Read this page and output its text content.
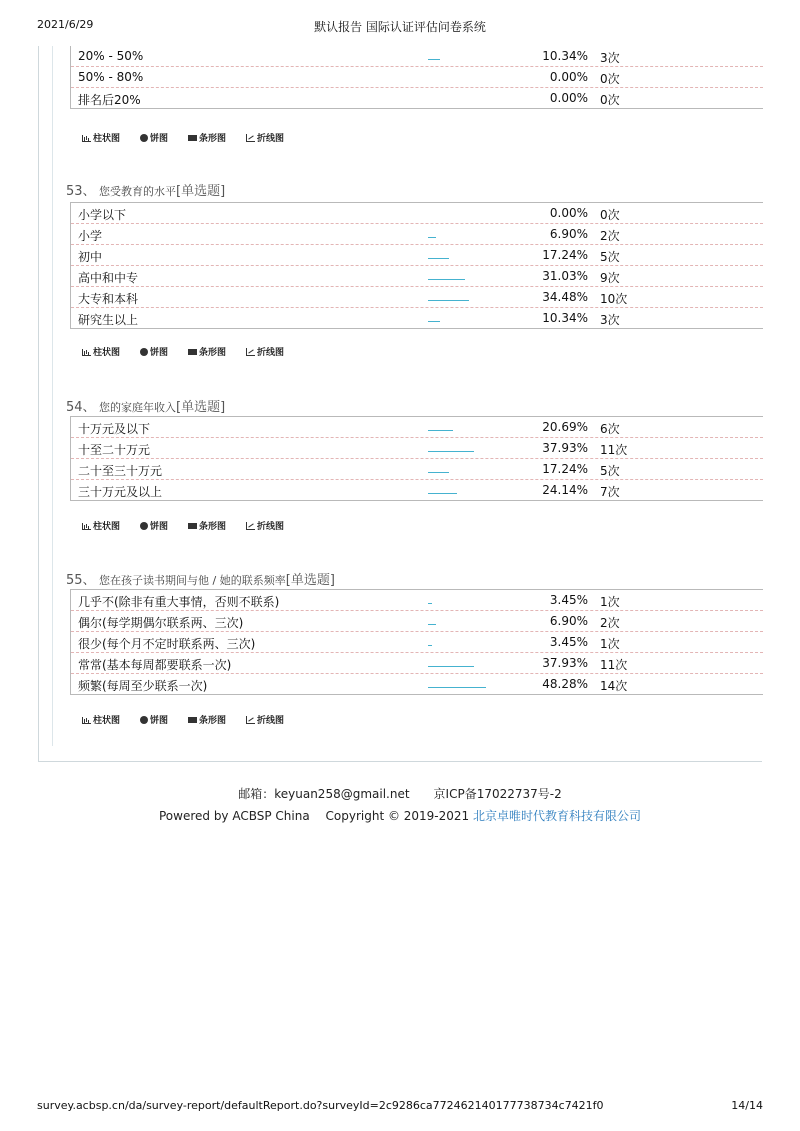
2021/6/29	默认报告 国际认证评估问卷系统
20% - 50%	10.34% 3次
50% - 80%	0.00% 0次
排名后20%	0.00% 0次
柱状图	饼图	条形图	折线图
53、 您受教育的水平[单选题]
小学以下	0.00% 0次
小学	6.90% 2次
初中	17.24% 5次
高中和中专	31.03% 9次
大专和本科	34.48% 10次
研究生以上	10.34% 3次
柱状图	饼图	条形图	折线图
54、 您的家庭年收入[单选题]
十万元及以下	20.69% 6次
十至二十万元	37.93% 11次
二十至三十万元	17.24% 5次
三十万元及以上	24.14% 7次
柱状图	饼图	条形图	折线图
55、 您在孩子读书期间与他 / 她的联系频率[单选题]
几乎不(除非有重大事情，否则不联系)	3.45% 1次
偶尔(每学期偶尔联系两、三次)	6.90% 2次
很少(每个月不定时联系两、三次)	3.45% 1次
常常(基本每周都要联系一次)	37.93% 11次
频繁(每周至少联系一次)	48.28% 14次
柱状图	饼图	条形图	折线图
邮箱：keyuan258@gmail.net　　京ICP备17022737号-2
Powered by ACBSP China　 Copyright © 2019-2021 北京卓唯时代教育科技有限公司
survey.acbsp.cn/da/survey-report/defaultReport.do?surveyId=2c9286ca772462140177738734c7421f0	14/14
